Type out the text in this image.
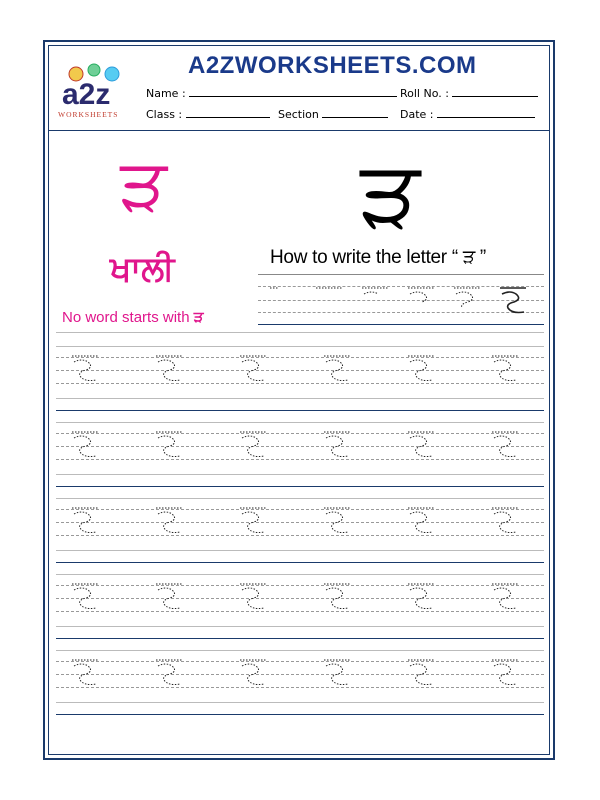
a2z
WORKSHEETS
A2ZWORKSHEETS.COM
Name :	Roll No. :
Class :	Section	Date :
ੜ ੜ
ਖਾਲੀ	How to write the letter “ ੜ ”
No word starts with ੜ
